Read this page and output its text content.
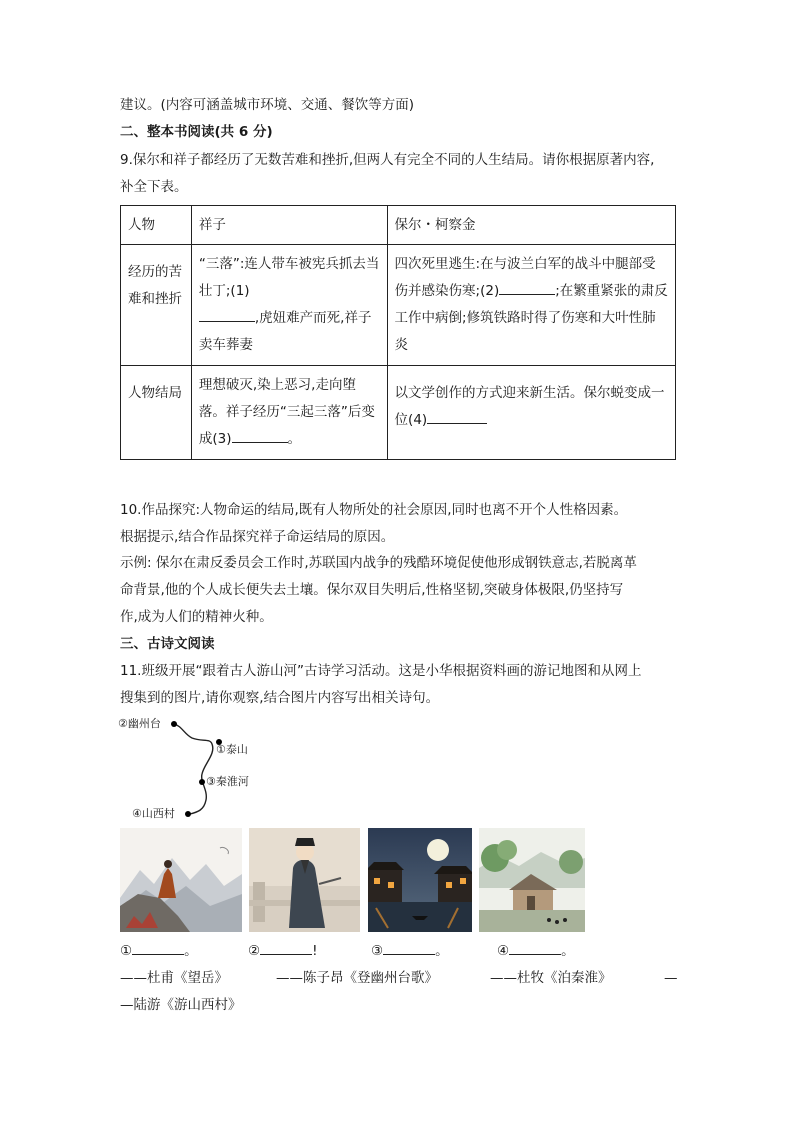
建议。(内容可涵盖城市环境、交通、餐饮等方面)
二、整本书阅读(共 6 分)
9.保尔和祥子都经历了无数苦难和挫折,但两人有完全不同的人生结局。请你根据原著内容,
补全下表。
人物	祥子	保尔・柯察金
经历的苦难和挫折	“三落”:连人带车被宪兵抓去当壮丁;(1)
,虎妞难产而死,祥子卖车葬妻	四次死里逃生:在与波兰白军的战斗中腿部受伤并感染伤寒;(2) ;在繁重紧张的肃反工作中病倒;修筑铁路时得了伤寒和大叶性肺炎
人物结局	理想破灭,染上恶习,走向堕落。祥子经历“三起三落”后变成(3) 。	以文学创作的方式迎来新生活。保尔蜕变成一位(4)
10.作品探究:人物命运的结局,既有人物所处的社会原因,同时也离不开个人性格因素。
根据提示,结合作品探究祥子命运结局的原因。
示例: 保尔在肃反委员会工作时,苏联国内战争的残酷环境促使他形成钢铁意志,若脱离革
命背景,他的个人成长便失去土壤。保尔双目失明后,性格坚韧,突破身体极限,仍坚持写
作,成为人们的精神火种。
三、古诗文阅读
11.班级开展“跟着古人游山河”古诗学习活动。这是小华根据资料画的游记地图和从网上
搜集到的图片,请你观察,结合图片内容写出相关诗句。
②幽州台
①泰山
③秦淮河
④山西村
①	。	②	!	③	。	④	。
——杜甫《望岳》	——陈子昂《登幽州台歌》	——杜牧《泊秦淮》	—
—陆游《游山西村》
